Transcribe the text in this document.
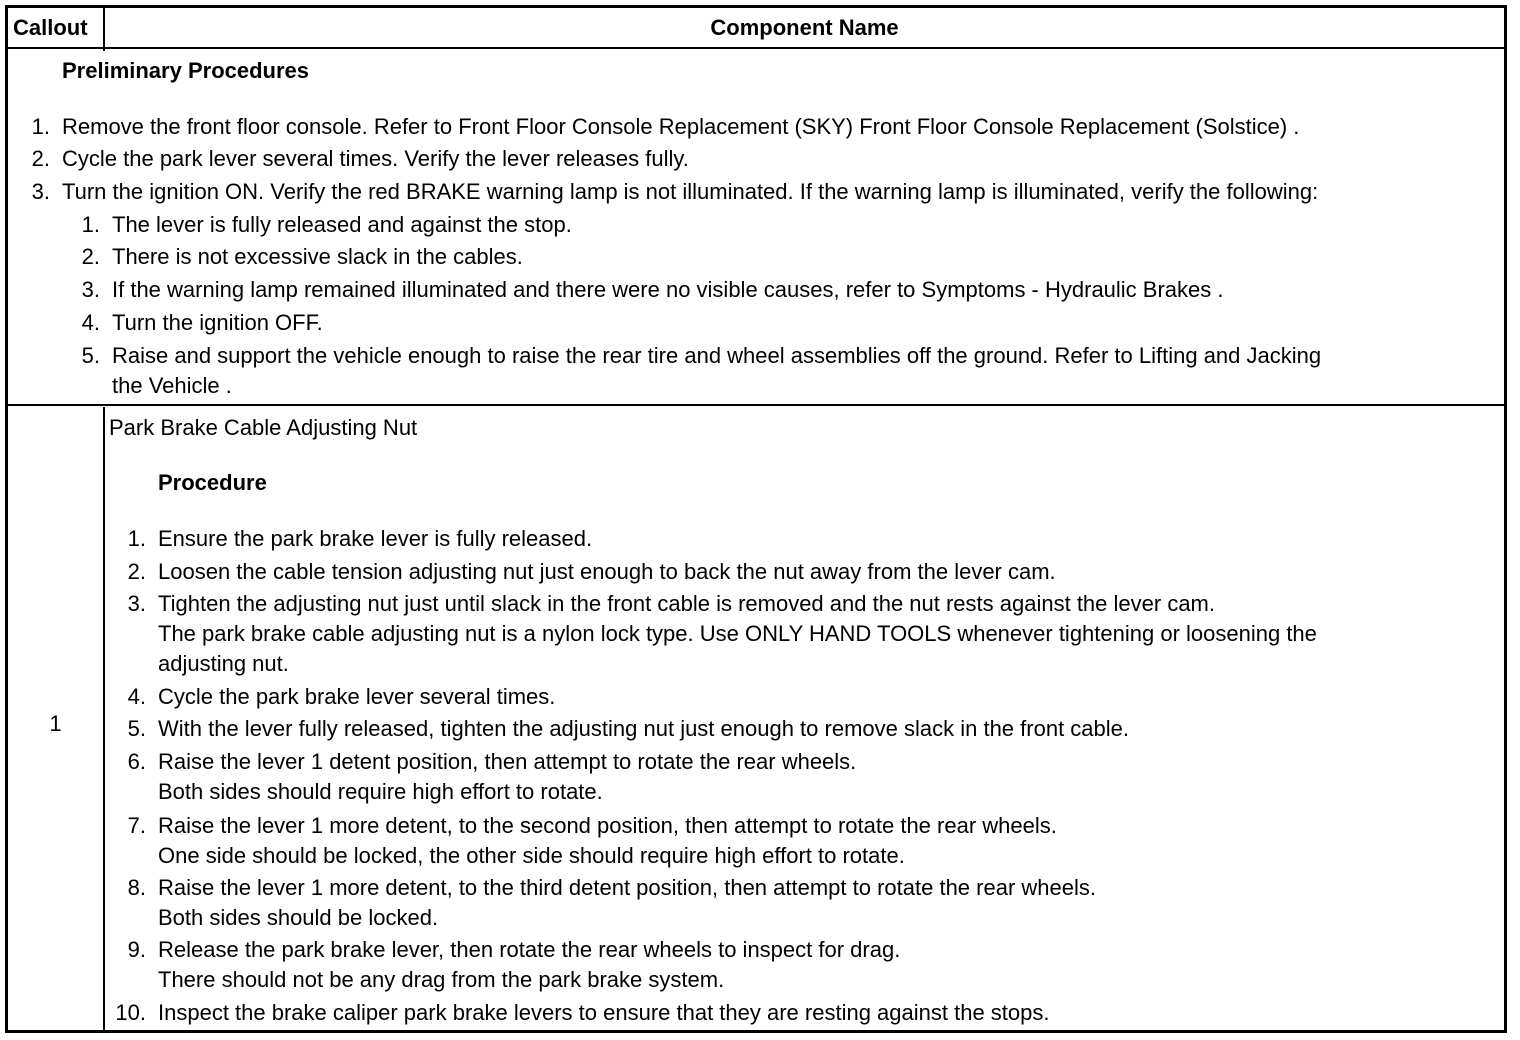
Callout	Component Name
Preliminary Procedures
1. Remove the front floor console. Refer to Front Floor Console Replacement (SKY) Front Floor Console Replacement (Solstice) .
2. Cycle the park lever several times. Verify the lever releases fully.
3. Turn the ignition ON. Verify the red BRAKE warning lamp is not illuminated. If the warning lamp is illuminated, verify the following:
1. The lever is fully released and against the stop.
2. There is not excessive slack in the cables.
3. If the warning lamp remained illuminated and there were no visible causes, refer to Symptoms - Hydraulic Brakes .
4. Turn the ignition OFF.
5. Raise and support the vehicle enough to raise the rear tire and wheel assemblies off the ground. Refer to Lifting and Jacking
the Vehicle .
1
Park Brake Cable Adjusting Nut
Procedure
1. Ensure the park brake lever is fully released.
2. Loosen the cable tension adjusting nut just enough to back the nut away from the lever cam.
3. Tighten the adjusting nut just until slack in the front cable is removed and the nut rests against the lever cam.
The park brake cable adjusting nut is a nylon lock type. Use ONLY HAND TOOLS whenever tightening or loosening the
adjusting nut.
4. Cycle the park brake lever several times.
5. With the lever fully released, tighten the adjusting nut just enough to remove slack in the front cable.
6. Raise the lever 1 detent position, then attempt to rotate the rear wheels.
Both sides should require high effort to rotate.
7. Raise the lever 1 more detent, to the second position, then attempt to rotate the rear wheels.
One side should be locked, the other side should require high effort to rotate.
8. Raise the lever 1 more detent, to the third detent position, then attempt to rotate the rear wheels.
Both sides should be locked.
9. Release the park brake lever, then rotate the rear wheels to inspect for drag.
There should not be any drag from the park brake system.
10. Inspect the brake caliper park brake levers to ensure that they are resting against the stops.
